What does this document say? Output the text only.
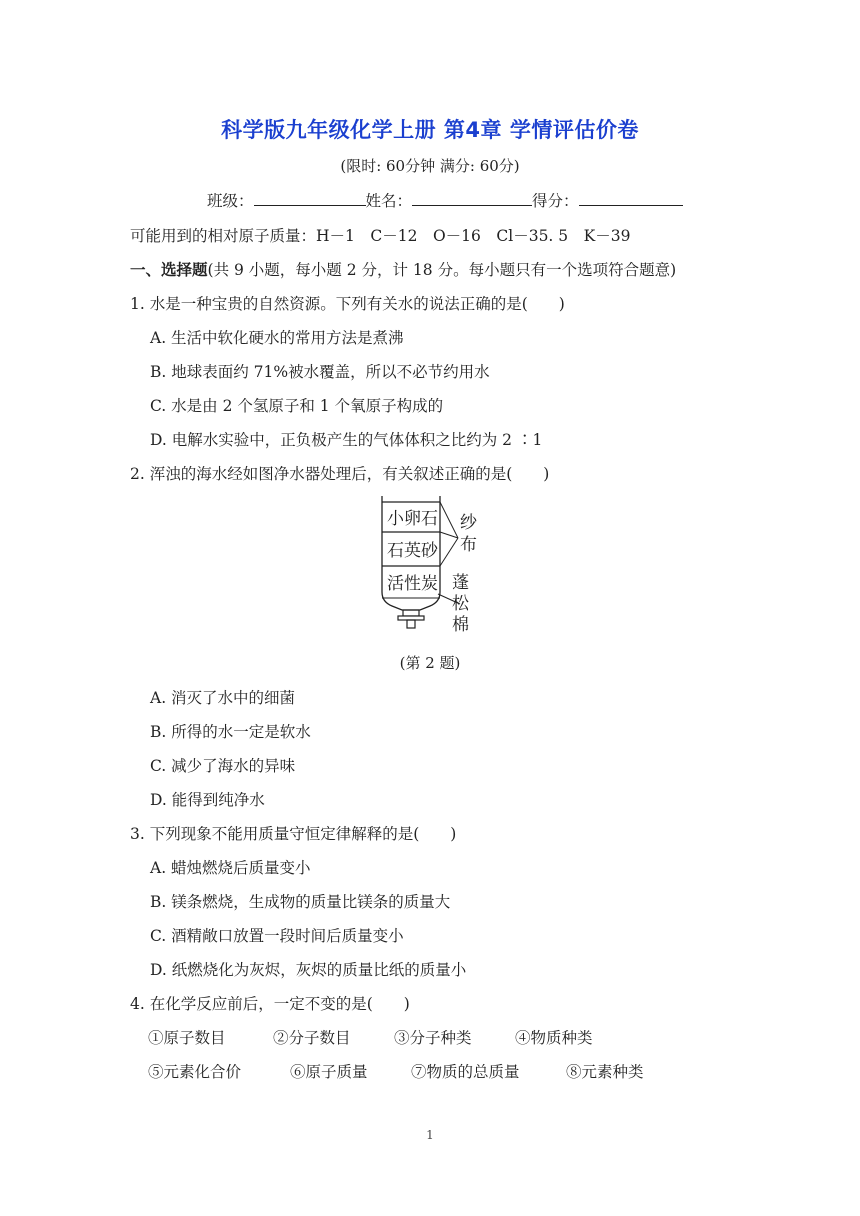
科学版九年级化学上册 第4章 学情评估价卷
(限时: 60分钟 满分: 60分)
班级：	姓名：	得分：
可能用到的相对原子质量：H－1　C－12　O－16　Cl－35. 5　K－39
一、选择题(共 9 小题，每小题 2 分，计 18 分。每小题只有一个选项符合题意)
1. 水是一种宝贵的自然资源。下列有关水的说法正确的是(　　)
A. 生活中软化硬水的常用方法是煮沸
B. 地球表面约 71%被水覆盖，所以不必节约用水
C. 水是由 2 个氢原子和 1 个氧原子构成的
D. 电解水实验中，正负极产生的气体体积之比约为 2 ∶1
2. 浑浊的海水经如图净水器处理后，有关叙述正确的是(　　)
小卵石
石英砂
活性炭
纱
布
蓬
松
棉
(第 2 题)
A. 消灭了水中的细菌
B. 所得的水一定是软水
C. 减少了海水的异味
D. 能得到纯净水
3. 下列现象不能用质量守恒定律解释的是(　　)
A. 蜡烛燃烧后质量变小
B. 镁条燃烧，生成物的质量比镁条的质量大
C. 酒精敞口放置一段时间后质量变小
D. 纸燃烧化为灰烬，灰烬的质量比纸的质量小
4. 在化学反应前后，一定不变的是(　　)
①原子数目	②分子数目	③分子种类	④物质种类
⑤元素化合价	⑥原子质量	⑦物质的总质量	⑧元素种类
1
